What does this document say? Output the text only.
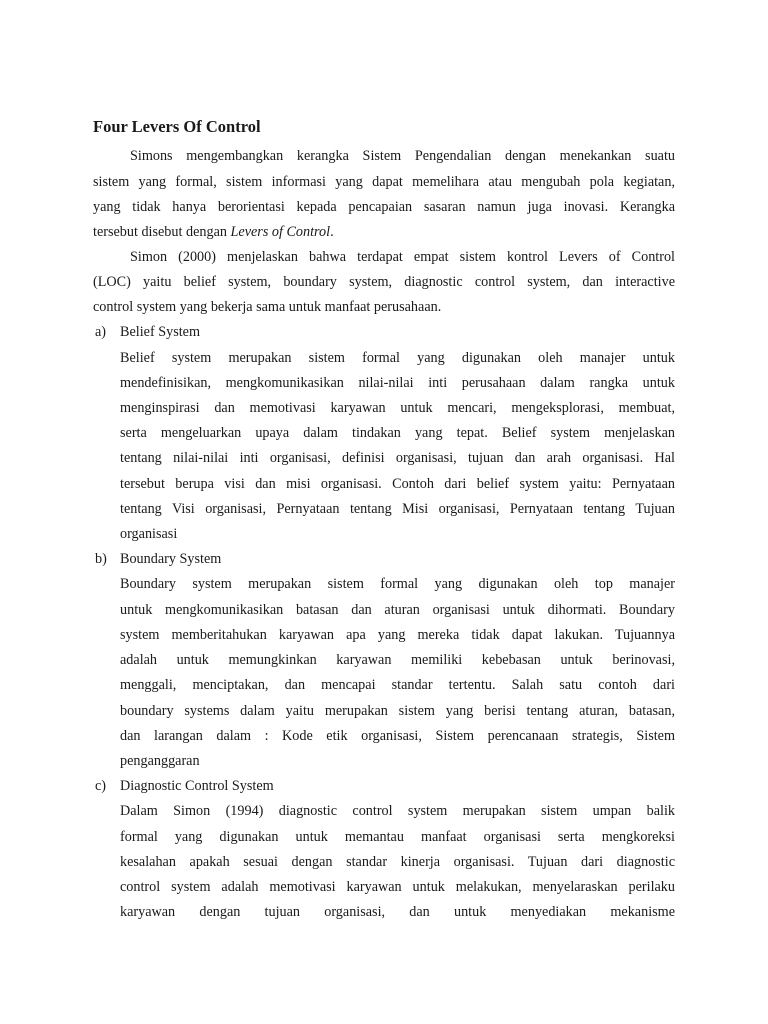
Four Levers Of Control
Simons mengembangkan kerangka Sistem Pengendalian dengan menekankan suatu
sistem yang formal, sistem informasi yang dapat memelihara atau mengubah pola kegiatan,
yang tidak hanya berorientasi kepada pencapaian sasaran namun juga inovasi. Kerangka
tersebut disebut dengan Levers of Control.
Simon (2000) menjelaskan bahwa terdapat empat sistem kontrol Levers of Control
(LOC) yaitu belief system, boundary system, diagnostic control system, dan interactive
control system yang bekerja sama untuk manfaat perusahaan.
a) Belief System
Belief system merupakan sistem formal yang digunakan oleh manajer untuk
mendefinisikan, mengkomunikasikan nilai-nilai inti perusahaan dalam rangka untuk
menginspirasi dan memotivasi karyawan untuk mencari, mengeksplorasi, membuat,
serta mengeluarkan upaya dalam tindakan yang tepat. Belief system menjelaskan
tentang nilai-nilai inti organisasi, definisi organisasi, tujuan dan arah organisasi. Hal
tersebut berupa visi dan misi organisasi. Contoh dari belief system yaitu: Pernyataan
tentang Visi organisasi, Pernyataan tentang Misi organisasi, Pernyataan tentang Tujuan
organisasi
b) Boundary System
Boundary system merupakan sistem formal yang digunakan oleh top manajer
untuk mengkomunikasikan batasan dan aturan organisasi untuk dihormati. Boundary
system memberitahukan karyawan apa yang mereka tidak dapat lakukan. Tujuannya
adalah untuk memungkinkan karyawan memiliki kebebasan untuk berinovasi,
menggali, menciptakan, dan mencapai standar tertentu. Salah satu contoh dari
boundary systems dalam yaitu merupakan sistem yang berisi tentang aturan, batasan,
dan larangan dalam : Kode etik organisasi, Sistem perencanaan strategis, Sistem
penganggaran
c) Diagnostic Control System
Dalam Simon (1994) diagnostic control system merupakan sistem umpan balik
formal yang digunakan untuk memantau manfaat organisasi serta mengkoreksi
kesalahan apakah sesuai dengan standar kinerja organisasi. Tujuan dari diagnostic
control system adalah memotivasi karyawan untuk melakukan, menyelaraskan perilaku
karyawan dengan tujuan organisasi, dan untuk menyediakan mekanisme
